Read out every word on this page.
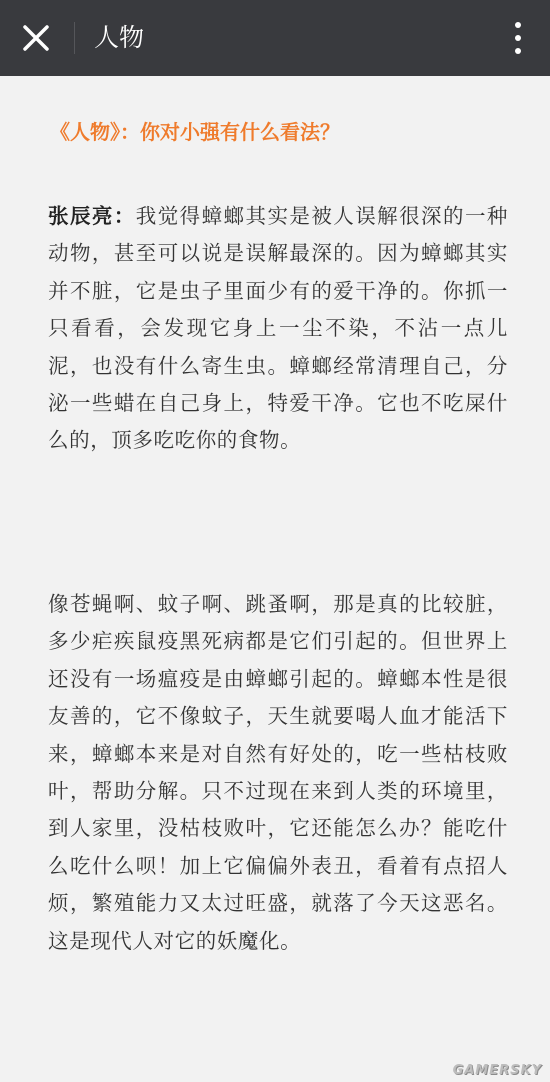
人物
《人物》：你对小强有什么看法？
张辰亮：我觉得蟑螂其实是被人误解很深的一种动物，甚至可以说是误解最深的。因为蟑螂其实并不脏，它是虫子里面少有的爱干净的。你抓一只看看，会发现它身上一尘不染，不沾一点儿泥，也没有什么寄生虫。蟑螂经常清理自己，分泌一些蜡在自己身上，特爱干净。它也不吃屎什么的，顶多吃吃你的食物。
像苍蝇啊、蚊子啊、跳蚤啊，那是真的比较脏，多少疟疾鼠疫黑死病都是它们引起的。但世界上还没有一场瘟疫是由蟑螂引起的。蟑螂本性是很友善的，它不像蚊子，天生就要喝人血才能活下来，蟑螂本来是对自然有好处的，吃一些枯枝败叶，帮助分解。只不过现在来到人类的环境里，到人家里，没枯枝败叶，它还能怎么办？能吃什么吃什么呗！加上它偏偏外表丑，看着有点招人烦，繁殖能力又太过旺盛，就落了今天这恶名。这是现代人对它的妖魔化。
GAMERSKY
